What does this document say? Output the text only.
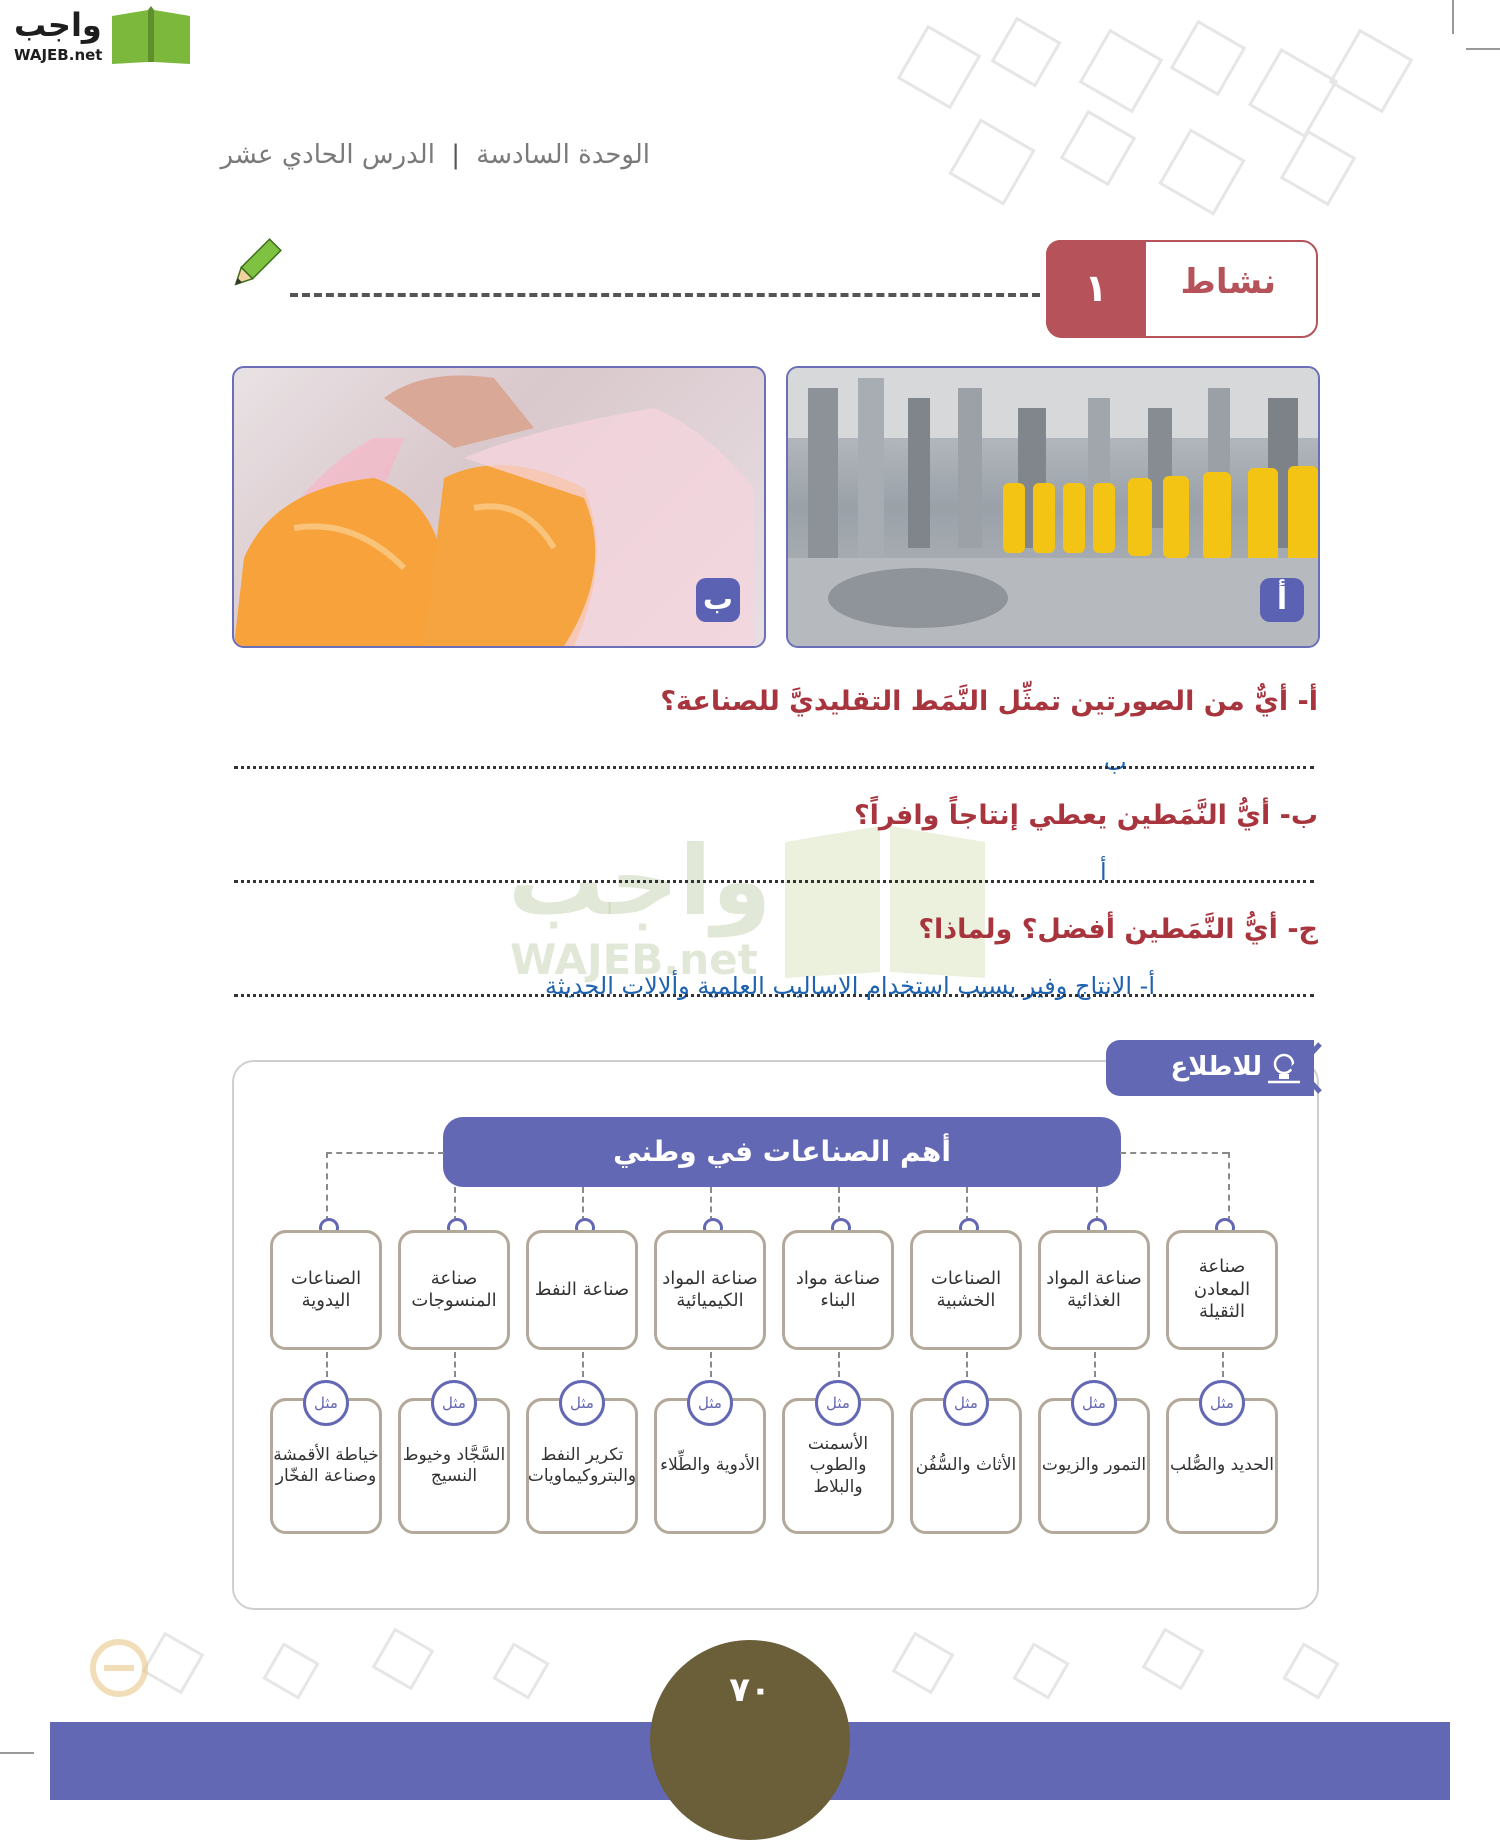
واجب
WAJEB.net
الوحدة السادسة | الدرس الحادي عشر
١	نشاط
ب	أ
واجب
WAJEB.net
أ- أيٌّ من الصورتين تمثِّل النَّمَط التقليديَّ للصناعة؟
ب
ب- أيُّ النَّمَطين يعطي إنتاجاً وافراً؟
أ
ج- أيُّ النَّمَطين أفضل؟ ولماذا؟
أ- الانتاج وفير بسبب استخدام الاساليب العلمية وألالات الحديثة
للاطلاع
أهم الصناعات في وطني
صناعة المعادن الثقيلة
الحديد والصُّلب
مثل
صناعة المواد الغذائية
التمور والزيوت
مثل
الصناعات الخشبية
الأثاث والسُّفُن
مثل
صناعة مواد البناء
الأسمنت والطوب والبلاط
مثل
صناعة المواد الكيميائية
الأدوية والطِّلاء
مثل
صناعة النفط
تكرير النفط والبتروكيماويات
مثل
صناعة المنسوجات
السَّجَّاد وخيوط النسيج
مثل
الصناعات اليدوية
خياطة الأقمشة وصناعة الفخّار
مثل
٧٠
